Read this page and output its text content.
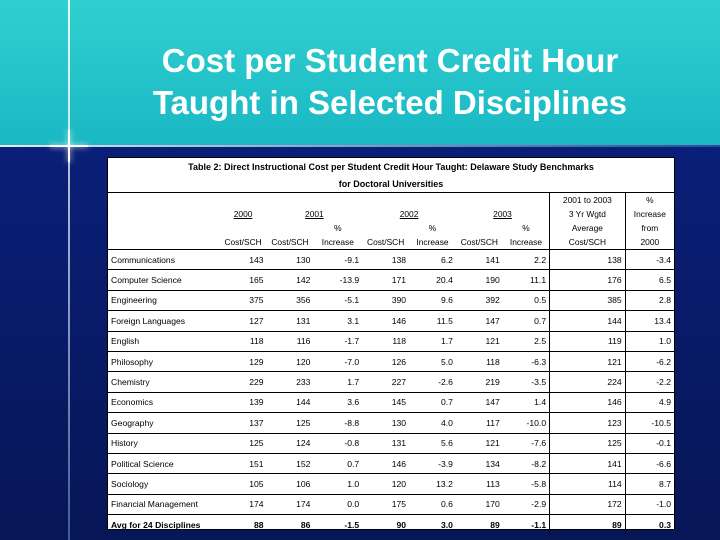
Cost per Student Credit Hour
Taught in Selected Disciplines
Table 2: Direct Instructional Cost per Student Credit Hour Taught: Delaware Study Benchmarks									
for Doctoral Universities									
								2001 to 2003	%
	2000	2001		2002		2003		3 Yr Wgtd	Increase
			%		%		%	Average	from
	Cost/SCH	Cost/SCH	Increase	Cost/SCH	Increase	Cost/SCH	Increase	Cost/SCH	2000
Communications	143	130	-9.1	138	6.2	141	2.2	138	-3.4
Computer Science	165	142	-13.9	171	20.4	190	11.1	176	6.5
Engineering	375	356	-5.1	390	9.6	392	0.5	385	2.8
Foreign Languages	127	131	3.1	146	11.5	147	0.7	144	13.4
English	118	116	-1.7	118	1.7	121	2.5	119	1.0
Philosophy	129	120	-7.0	126	5.0	118	-6.3	121	-6.2
Chemistry	229	233	1.7	227	-2.6	219	-3.5	224	-2.2
Economics	139	144	3.6	145	0.7	147	1.4	146	4.9
Geography	137	125	-8.8	130	4.0	117	-10.0	123	-10.5
History	125	124	-0.8	131	5.6	121	-7.6	125	-0.1
Political Science	151	152	0.7	146	-3.9	134	-8.2	141	-6.6
Sociology	105	106	1.0	120	13.2	113	-5.8	114	8.7
Financial Management	174	174	0.0	175	0.6	170	-2.9	172	-1.0
Avg for 24 Disciplines	88	86	-1.5	90	3.0	89	-1.1	89	0.3
